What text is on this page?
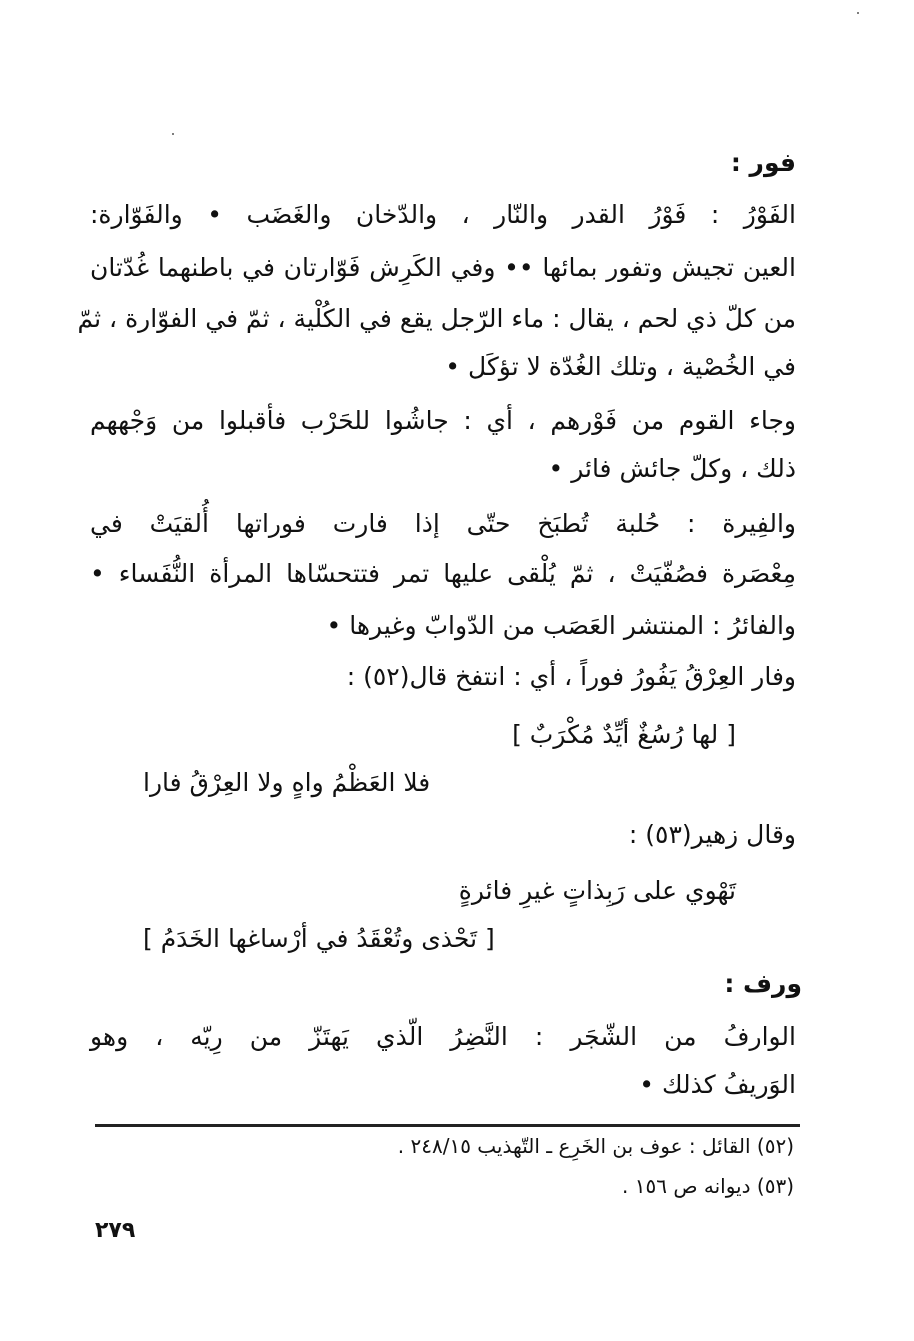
فور :
الفَوْرُ : فَوْرُ القدر والنّار ، والدّخان والغَضَب • والفَوّارة:
العين تجيش وتفور بمائها •• وفي الكَرِش فَوّارتان في باطنهما غُدّتان
من كلّ ذي لحم ، يقال : ماء الرّجل يقع في الكُلْية ، ثمّ في الفوّارة ، ثمّ
في الخُصْية ، وتلك الغُدّة لا تؤكَل •
وجاء القوم من فَوْرهم ، أي : جاشُوا للحَرْب فأقبلوا من وَجْههم
ذلك ، وكلّ جائش فائر •
والفِيرة : حُلبة تُطبَخ حتّى إذا فارت فوراتها أُلقيَتْ في
مِعْصَرة فصُفّيَتْ ، ثمّ يُلْقى عليها تمر فتتحسّاها المرأة النُّفَساء •
والفائرُ : المنتشر العَصَب من الدّوابّ وغيرها •
وفار العِرْقُ يَفُورُ فوراً ، أي : انتفخ قال(٥٢) :
[ لها رُسُغٌ أيِّدٌ مُكْرَبٌ ]
فلا العَظْمُ واهٍ ولا العِرْقُ فارا
وقال زهير(٥٣) :
تَهْوي على رَبِذاتٍ غيرِ فائرةٍ
[ تَحْذى وتُعْقَدُ في أرْساغها الخَدَمُ ]
ورف :
الوارفُ من الشّجَر : النَّضِرُ الّذي يَهتَزّ من رِيّه ، وهو
الوَريفُ كذلك •
(٥٢) القائل : عوف بن الخَرِع ـ التّهذيب ٢٤٨/١٥ .
(٥٣) ديوانه ص ١٥٦ .
٢٧٩
